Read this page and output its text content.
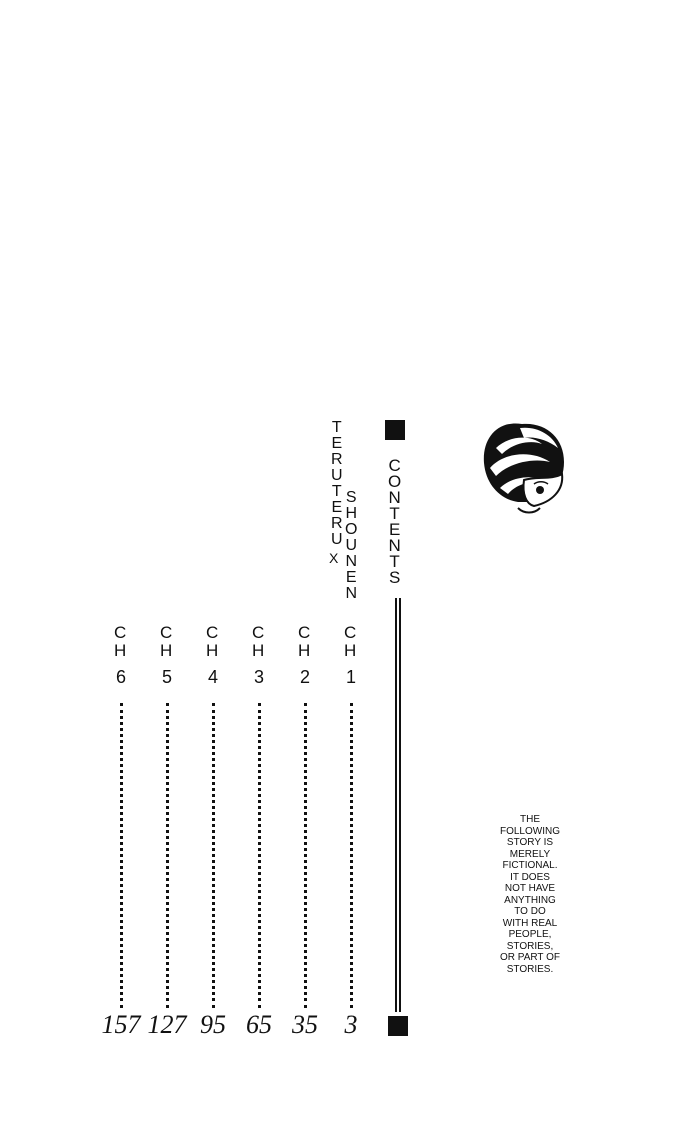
C
O
N
T
E
N
T
S
T
E
R
U
T
E
R
U
X
S
H
O
U
N
E
N
C
H
1
3
C
H
2
35
C
H
3
65
C
H
4
95
C
H
5
127
C
H
6
157
THE
FOLLOWING
STORY IS
MERELY
FICTIONAL.
IT DOES
NOT HAVE
ANYTHING
TO DO
WITH REAL
PEOPLE,
STORIES,
OR PART OF
STORIES.
